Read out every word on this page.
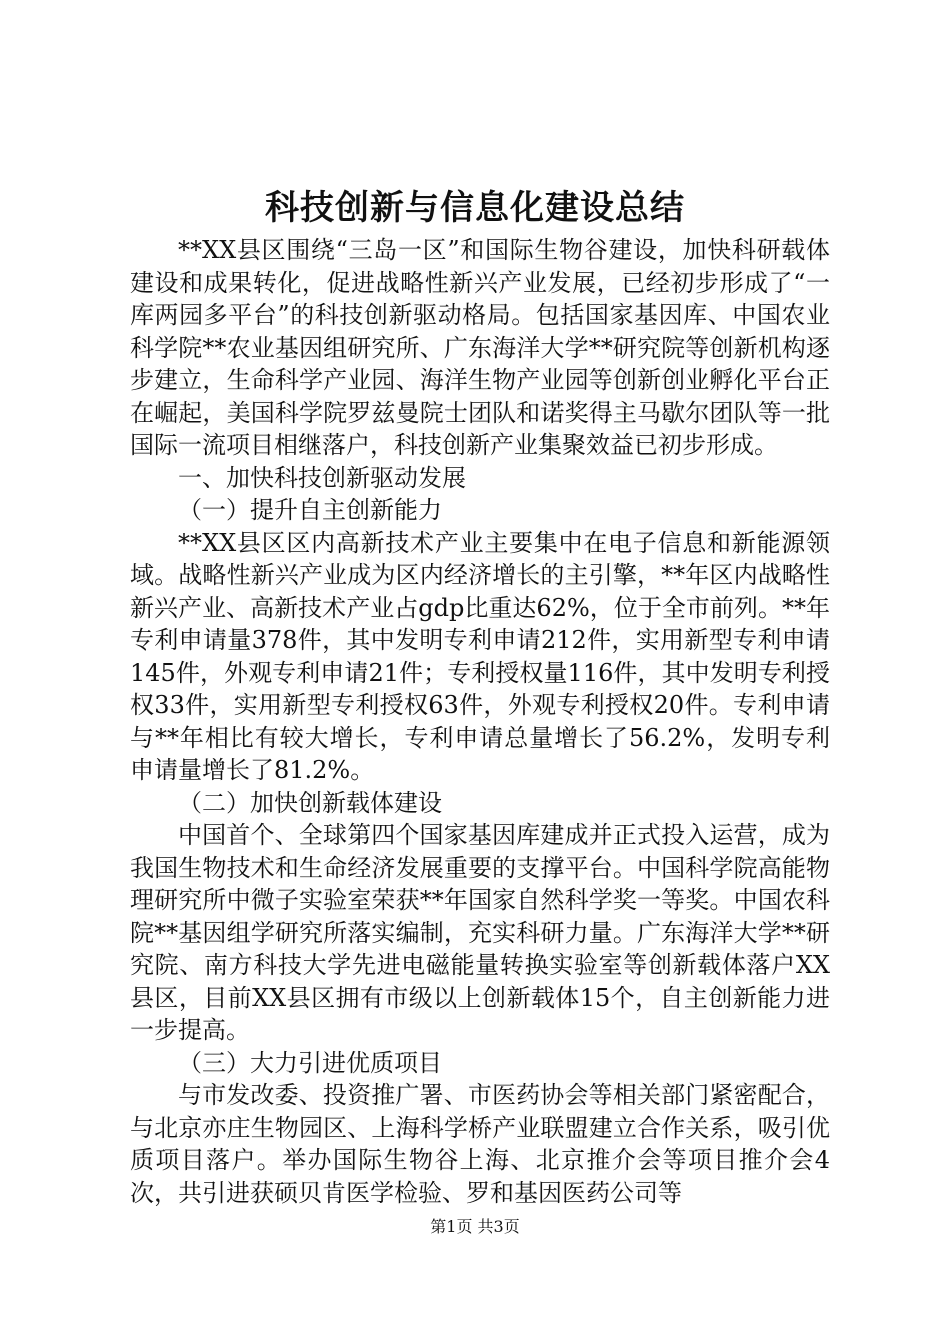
科技创新与信息化建设总结

**XX县区围绕“三岛一区”和国际生物谷建设，加快科研载体建设和成果转化，促进战略性新兴产业发展，已经初步形成了“一库两园多平台”的科技创新驱动格局。包括国家基因库、中国农业科学院**农业基因组研究所、广东海洋大学**研究院等创新机构逐步建立，生命科学产业园、海洋生物产业园等创新创业孵化平台正在崛起，美国科学院罗兹曼院士团队和诺奖得主马歇尔团队等一批国际一流项目相继落户，科技创新产业集聚效益已初步形成。

一、加快科技创新驱动发展

（一）提升自主创新能力

**XX县区区内高新技术产业主要集中在电子信息和新能源领域。战略性新兴产业成为区内经济增长的主引擎，**年区内战略性新兴产业、高新技术产业占gdp比重达62%，位于全市前列。**年专利申请量378件，其中发明专利申请212件，实用新型专利申请145件，外观专利申请21件；专利授权量116件，其中发明专利授权33件，实用新型专利授权63件，外观专利授权20件。专利申请与**年相比有较大增长，专利申请总量增长了56.2%，发明专利申请量增长了81.2%。

（二）加快创新载体建设

中国首个、全球第四个国家基因库建成并正式投入运营，成为我国生物技术和生命经济发展重要的支撑平台。中国科学院高能物理研究所中微子实验室荣获**年国家自然科学奖一等奖。中国农科院**基因组学研究所落实编制，充实科研力量。广东海洋大学**研究院、南方科技大学先进电磁能量转换实验室等创新载体落户XX县区，目前XX县区拥有市级以上创新载体15个，自主创新能力进一步提高。

（三）大力引进优质项目

与市发改委、投资推广署、市医药协会等相关部门紧密配合，与北京亦庄生物园区、上海科学桥产业联盟建立合作关系，吸引优质项目落户。举办国际生物谷上海、北京推介会等项目推介会4次，共引进获硕贝肯医学检验、罗和基因医药公司等

第1页 共3页
